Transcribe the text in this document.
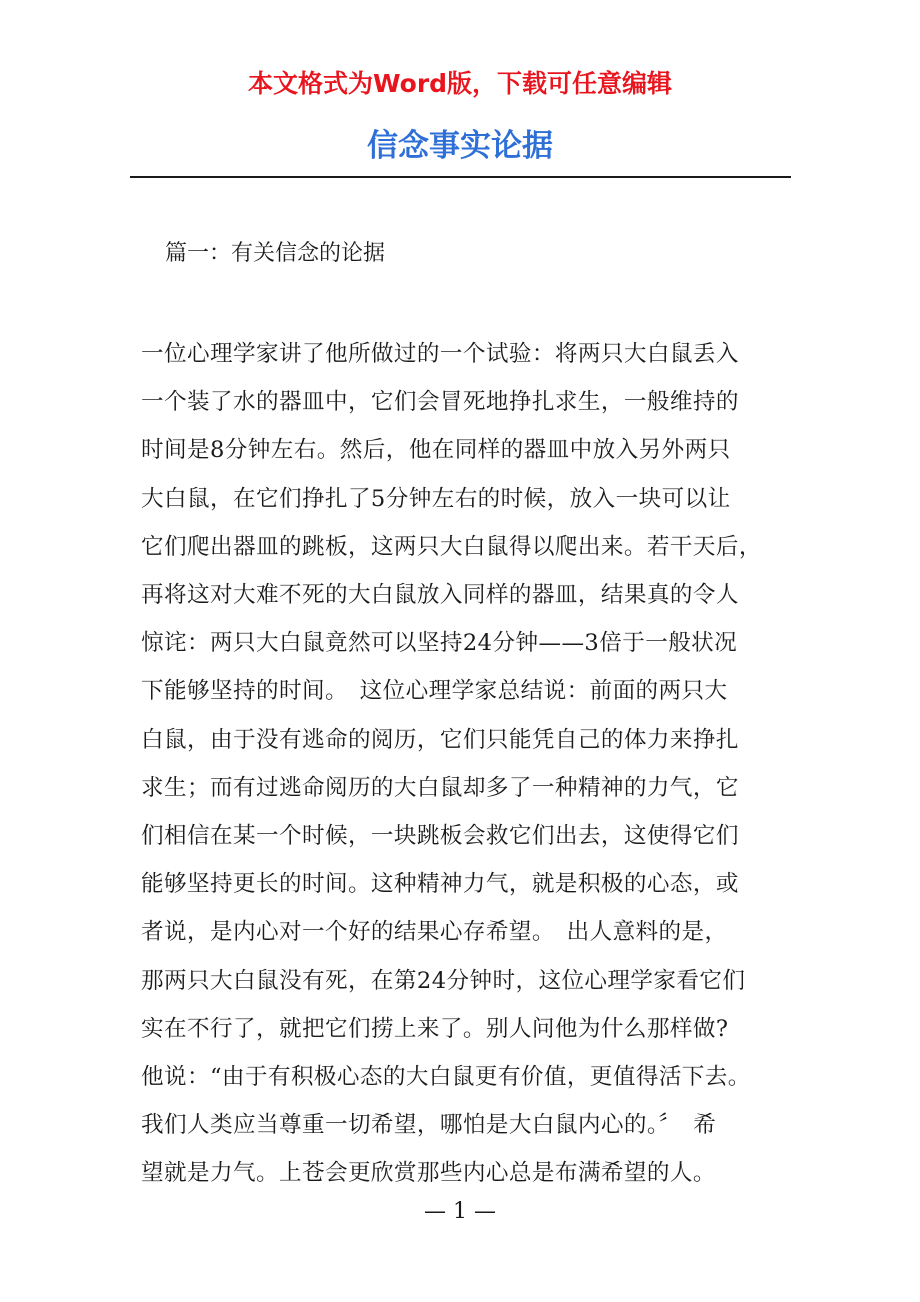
本文格式为Word版，下载可任意编辑
信念事实论据
篇一：有关信念的论据
一位心理学家讲了他所做过的一个试验：将两只大白鼠丢入
一个装了水的器皿中，它们会冒死地挣扎求生，一般维持的
时间是8分钟左右。然后，他在同样的器皿中放入另外两只
大白鼠，在它们挣扎了5分钟左右的时候，放入一块可以让
它们爬出器皿的跳板，这两只大白鼠得以爬出来。若干天后，
再将这对大难不死的大白鼠放入同样的器皿，结果真的令人
惊诧：两只大白鼠竟然可以坚持24分钟——3倍于一般状况
下能够坚持的时间。　这位心理学家总结说：前面的两只大
白鼠，由于没有逃命的阅历，它们只能凭自己的体力来挣扎
求生；而有过逃命阅历的大白鼠却多了一种精神的力气，它
们相信在某一个时候，一块跳板会救它们出去，这使得它们
能够坚持更长的时间。这种精神力气，就是积极的心态，或
者说，是内心对一个好的结果心存希望。　出人意料的是，
那两只大白鼠没有死，在第24分钟时，这位心理学家看它们
实在不行了，就把它们捞上来了。别人问他为什么那样做?
他说：“由于有积极心态的大白鼠更有价值，更值得活下去。
我们人类应当尊重一切希望，哪怕是大白鼠内心的。〞　希
望就是力气。上苍会更欣赏那些内心总是布满希望的人。
— 1 —
